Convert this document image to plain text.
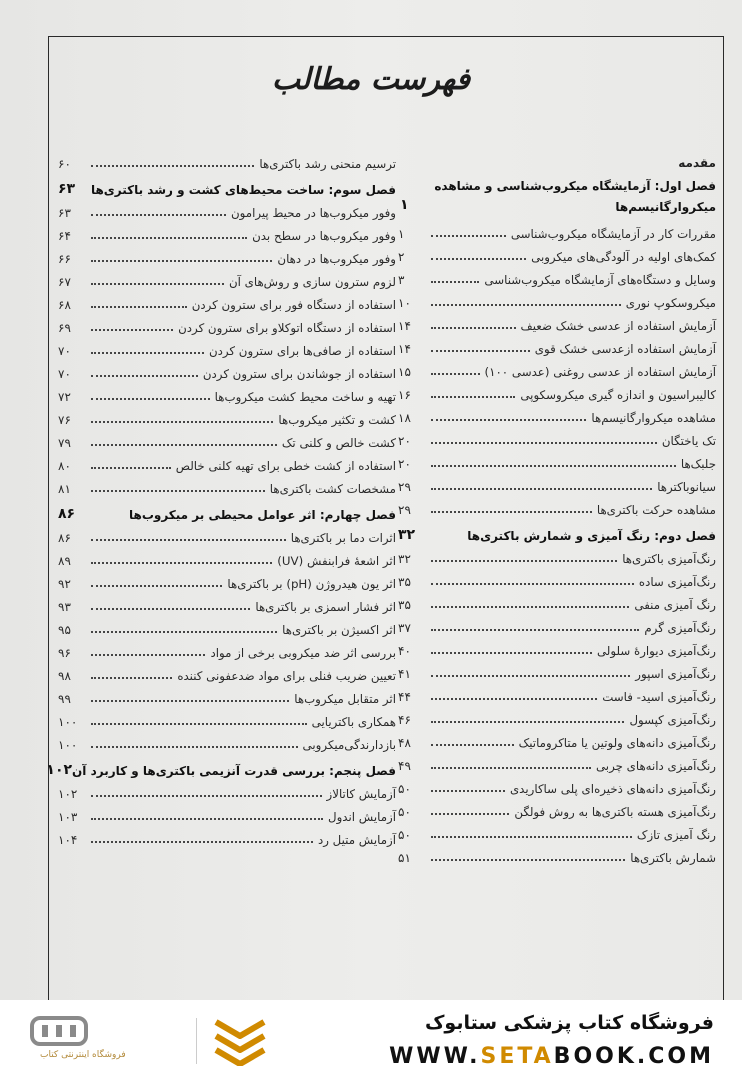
فهرست مطالب
مقدمه
فصل اول: آزمایشگاه میکروب‌شناسی و مشاهده میکروارگانیسم‌ها
۱
مقررات کار در آزمایشگاه میکروب‌شناسی
۱
کمک‌های اولیه در آلودگی‌های میکروبی
۲
وسایل و دستگاه‌های آزمایشگاه میکروب‌شناسی
۳
میکروسکوپ نوری
۱۰
آزمایش استفاده از عدسی خشک ضعیف
۱۴
آزمایش استفاده ازعدسی خشک قوی
۱۴
آزمایش استفاده از عدسی روغنی (عدسی ۱۰۰)
۱۵
کالیبراسیون و اندازه گیری میکروسکوپی
۱۶
مشاهده میکروارگانیسم‌ها
۱۸
تک یاختگان
۲۰
جلبک‌ها
۲۰
سیانوباکترها
۲۹
مشاهده حرکت باکتری‌ها
۲۹
فصل دوم: رنگ آمیزی و شمارش باکتری‌ها
۳۲
رنگ‌آمیزی باکتری‌ها
۳۲
رنگ‌آمیزی ساده
۳۵
رنگ آمیزی منفی
۳۵
رنگ‌آمیزی گرم
۳۷
رنگ‌آمیزی دیوارهٔ سلولی
۴۰
رنگ‌آمیزی اسپور
۴۱
رنگ‌آمیزی اسید- فاست
۴۴
رنگ‌آمیزی کپسول
۴۶
رنگ‌آمیزی دانه‌های ولوتین یا متاکروماتیک
۴۸
رنگ‌آمیزی دانه‌های چربی
۴۹
رنگ‌آمیزی دانه‌های ذخیره‌ای پلی ساکاریدی
۵۰
رنگ‌آمیزی هسته باکتری‌ها به روش فولگن
۵۰
رنگ آمیزی تازک
۵۰
شمارش باکتری‌ها
۵۱
ترسیم منحنی رشد باکتری‌ها
۶۰
فصل سوم: ساخت محیط‌های کشت و رشد باکتری‌ها
۶۳
وفور میکروب‌ها در محیط پیرامون
۶۳
وفور میکروب‌ها در سطح بدن
۶۴
وفور میکروب‌ها در دهان
۶۶
لزوم سترون سازی و روش‌های آن
۶۷
استفاده از دستگاه فور برای سترون کردن
۶۸
استفاده از دستگاه اتوکلاو برای سترون کردن
۶۹
استفاده از صافی‌ها برای سترون کردن
۷۰
استفاده از جوشاندن برای سترون کردن
۷۰
تهیه و ساخت محیط کشت میکروب‌ها
۷۲
کشت و تکثیر میکروب‌ها
۷۶
کشت خالص و کلنی تک
۷۹
استفاده از کشت خطی برای تهیه کلنی خالص
۸۰
مشخصات کشت باکتری‌ها
۸۱
فصل چهارم: اثر عوامل محیطی بر میکروب‌ها
۸۶
اثرات دما بر باکتری‌ها
۸۶
اثر اشعهٔ فرابنفش (UV)
۸۹
اثر یون هیدروژن (pH) بر باکتری‌ها
۹۲
اثر فشار اسمزی بر باکتری‌ها
۹۳
اثر اکسیژن بر باکتری‌ها
۹۵
بررسی اثر ضد میکروبی برخی از مواد
۹۶
تعیین ضریب فنلی برای مواد ضدعفونی کننده
۹۸
اثر متقابل میکروب‌ها
۹۹
همکاری باکتریایی
۱۰۰
بازدارندگی‌میکروبی
۱۰۰
فصل پنجم: بررسی قدرت آنزیمی باکتری‌ها و کاربرد آن
۱۰۲
آزمایش کاتالاز
۱۰۲
آزمایش اندول
۱۰۳
آزمایش متیل رد
۱۰۴
فروشگاه اینترنتی کتاب
فروشگاه کتاب پزشکی ستابوک
WWW.SETABOOK.COM
